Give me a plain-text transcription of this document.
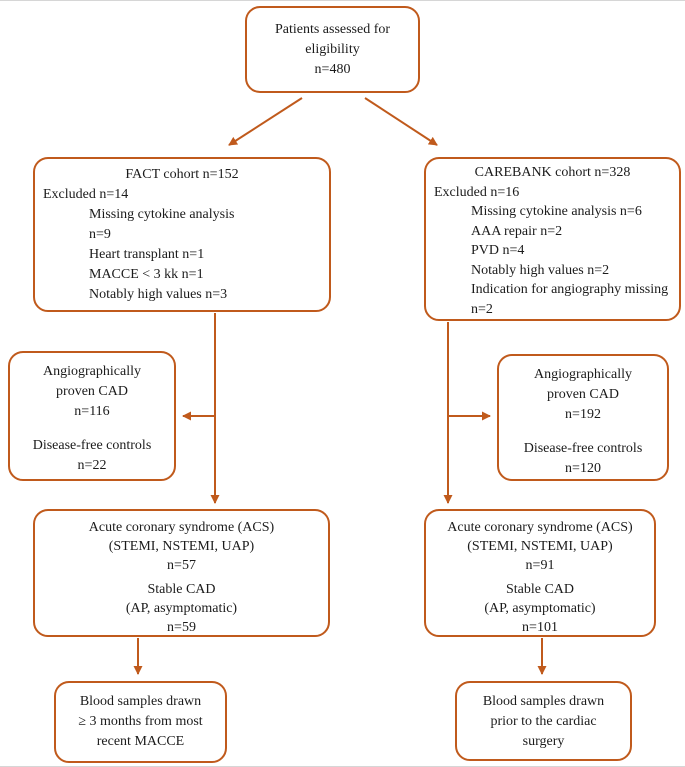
Patients assessed for
eligibility
n=480
FACT cohort n=152
Excluded n=14
Missing cytokine analysis
n=9
Heart transplant n=1
MACCE < 3 kk n=1
Notably high values n=3
CAREBANK cohort n=328
Excluded n=16
Missing cytokine analysis n=6
AAA repair n=2
PVD n=4
Notably high values n=2
Indication for angiography missing
n=2
Angiographically
proven CAD
n=116
Disease-free controls
n=22
Angiographically
proven CAD
n=192
Disease-free controls
n=120
Acute coronary syndrome (ACS)
(STEMI, NSTEMI, UAP)
n=57
Stable CAD
(AP, asymptomatic)
n=59
Acute coronary syndrome (ACS)
(STEMI, NSTEMI, UAP)
n=91
Stable CAD
(AP, asymptomatic)
n=101
Blood samples drawn
≥ 3 months from most
recent MACCE
Blood samples drawn
prior to the cardiac
surgery
